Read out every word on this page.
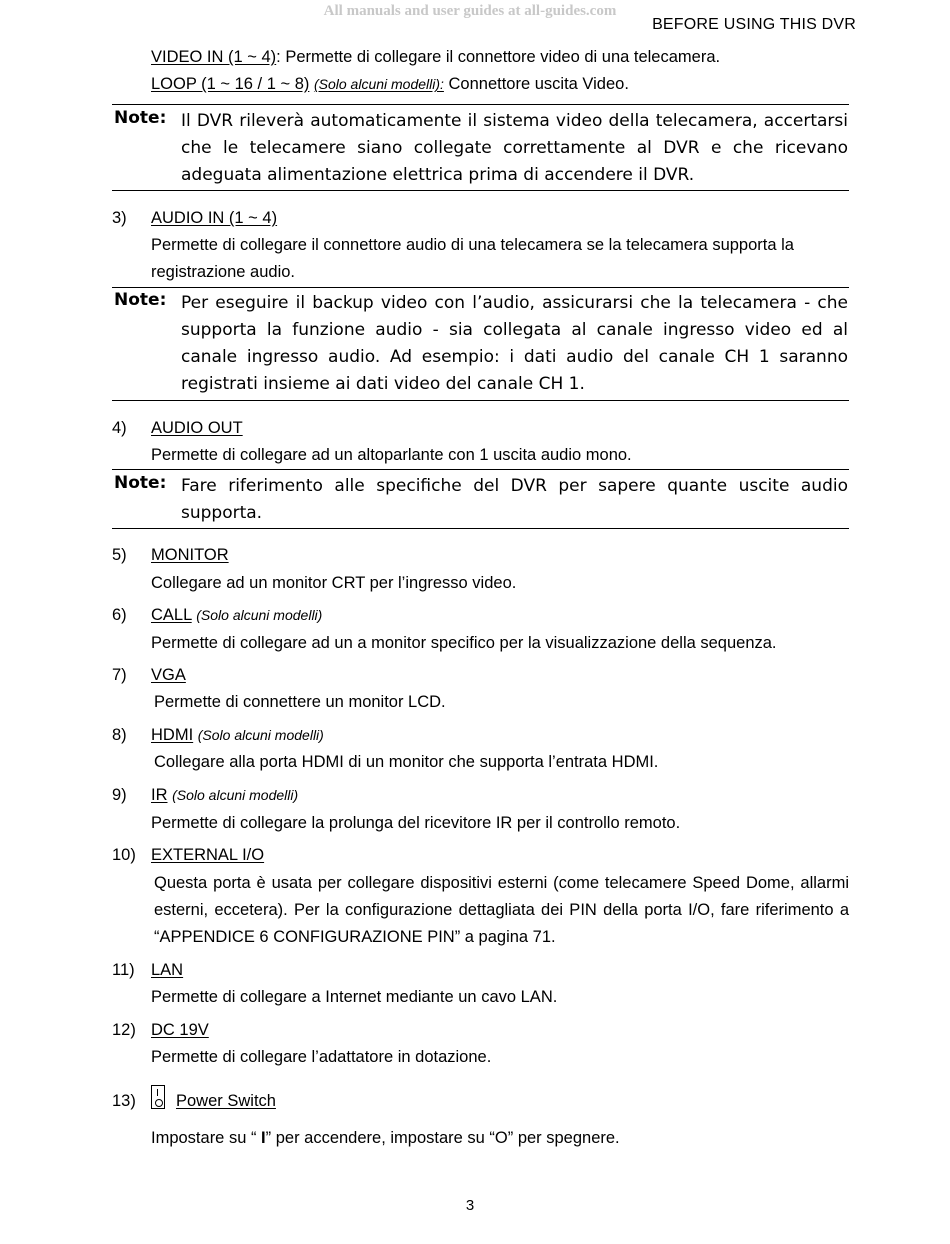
All manuals and user guides at all-guides.com
BEFORE USING THIS DVR
VIDEO IN (1 ~ 4): Permette di collegare il connettore video di una telecamera.
LOOP (1 ~ 16 / 1 ~ 8) (Solo alcuni modelli): Connettore uscita Video.
Note: Il DVR rileverà automaticamente il sistema video della telecamera, accertarsi che le telecamere siano collegate correttamente al DVR e che ricevano adeguata alimentazione elettrica prima di accendere il DVR.
3) AUDIO IN (1 ~ 4)
Permette di collegare il connettore audio di una telecamera se la telecamera supporta la registrazione audio.
Note: Per eseguire il backup video con l’audio, assicurarsi che la telecamera - che supporta la funzione audio - sia collegata al canale ingresso video ed al canale ingresso audio. Ad esempio: i dati audio del canale CH 1 saranno registrati insieme ai dati video del canale CH 1.
4) AUDIO OUT
Permette di collegare ad un altoparlante con 1 uscita audio mono.
Note: Fare riferimento alle specifiche del DVR per sapere quante uscite audio supporta.
5) MONITOR
Collegare ad un monitor CRT per l’ingresso video.
6) CALL (Solo alcuni modelli)
Permette di collegare ad un a monitor specifico per la visualizzazione della sequenza.
7) VGA
Permette di connettere un monitor LCD.
8) HDMI (Solo alcuni modelli)
Collegare alla porta HDMI di un monitor che supporta l’entrata HDMI.
9) IR (Solo alcuni modelli)
Permette di collegare la prolunga del ricevitore IR per il controllo remoto.
10) EXTERNAL I/O
Questa porta è usata per collegare dispositivi esterni (come telecamere Speed Dome, allarmi esterni, eccetera). Per la configurazione dettagliata dei PIN della porta I/O, fare riferimento a “APPENDICE 6 CONFIGURAZIONE PIN” a pagina 71.
11) LAN
Permette di collegare a Internet mediante un cavo LAN.
12) DC 19V
Permette di collegare l’adattatore in dotazione.
13) Power Switch
Impostare su “ I” per accendere, impostare su “O” per spegnere.
3
